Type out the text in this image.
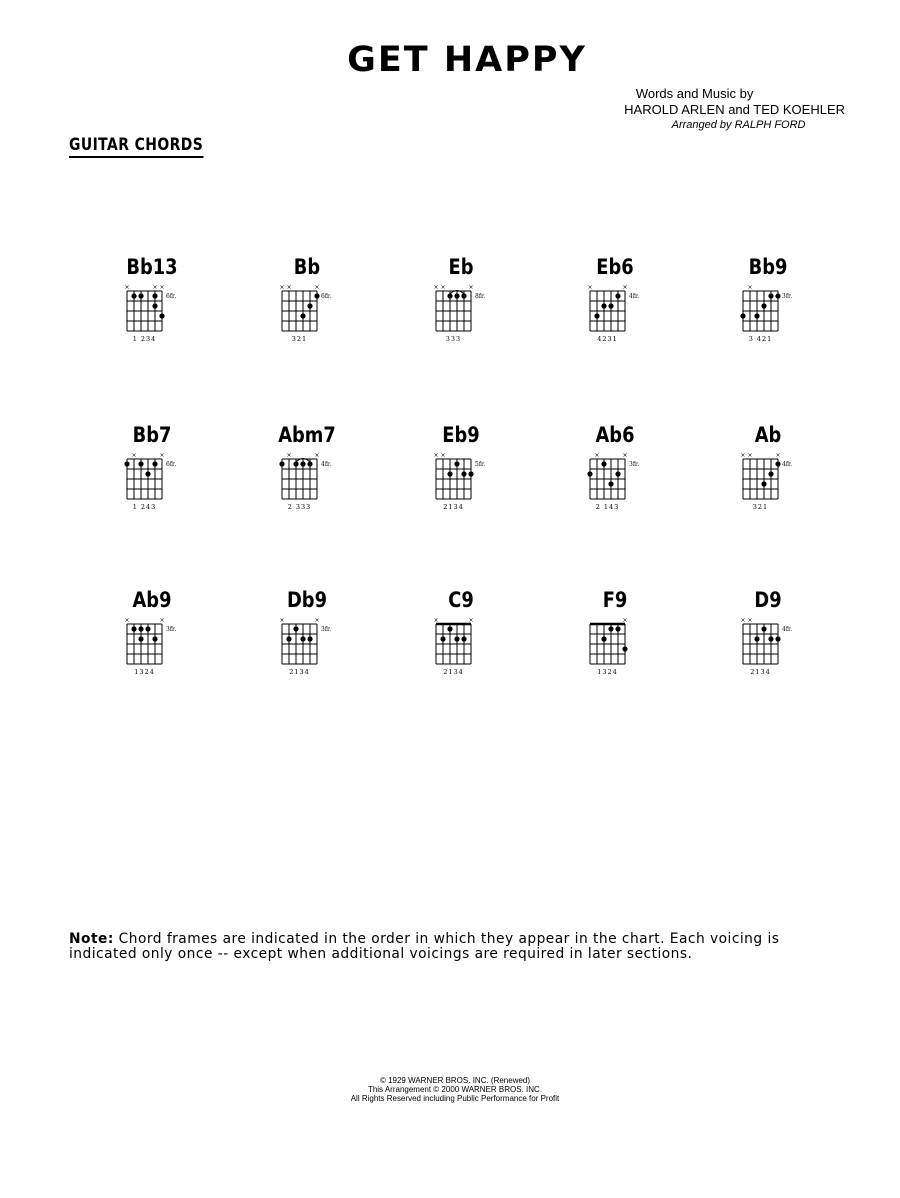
GET HAPPY
Words and Music by
HAROLD ARLEN and TED KOEHLER
Arranged by RALPH FORD
GUITAR CHORDS
Bb13
×	× ×
6fr.
1 234
Bb
× ×	×
6fr.
321
Eb
× ×	×
8fr.
333
Eb6
×	×
4fr.
4231
Bb9
×
3fr.
3 421
Bb7
×	×
6fr.
1 243
Abm7
×	×
4fr.
2 333
Eb9
× ×
5fr.
2134
Ab6
×	×
3fr.
2 143
Ab
× ×	×
4fr.
321
Ab9
×	×
3fr.
1324
Db9
×	×
3fr.
2134
C9
×	×
2134
F9
×
1324
D9
× ×
4fr.
2134
Note: Chord frames are indicated in the order in which they appear in the chart. Each voicing is indicated only once -- except when additional voicings are required in later sections.
© 1929 WARNER BROS. INC. (Renewed)
This Arrangement © 2000 WARNER BROS. INC.
All Rights Reserved including Public Performance for Profit
